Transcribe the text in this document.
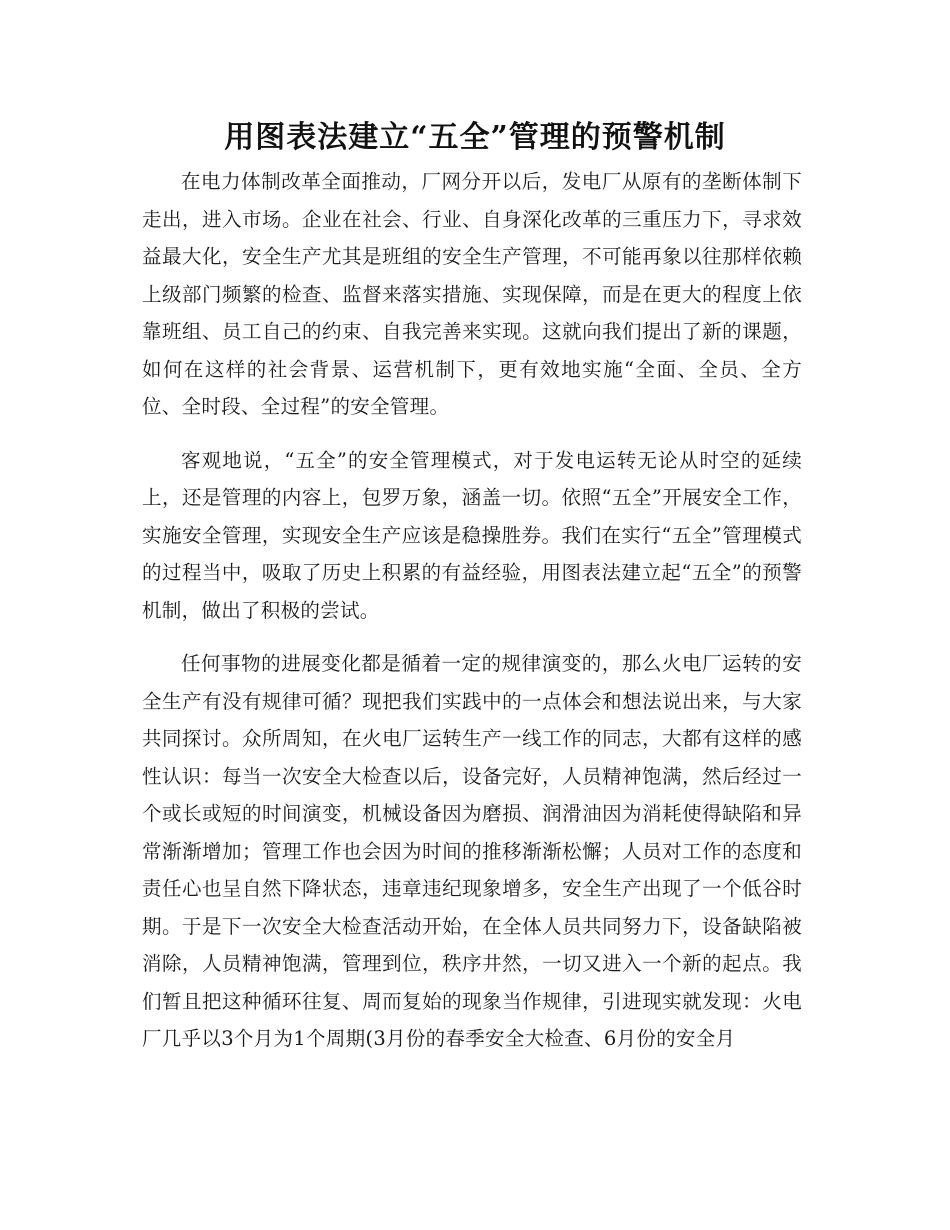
用图表法建立“五全”管理的预警机制

在电力体制改革全面推动，厂网分开以后，发电厂从原有的垄断体制下走出，进入市场。企业在社会、行业、自身深化改革的三重压力下，寻求效益最大化，安全生产尤其是班组的安全生产管理，不可能再象以往那样依赖上级部门频繁的检查、监督来落实措施、实现保障，而是在更大的程度上依靠班组、员工自己的约束、自我完善来实现。这就向我们提出了新的课题，如何在这样的社会背景、运营机制下，更有效地实施“全面、全员、全方位、全时段、全过程”的安全管理。

客观地说，“五全”的安全管理模式，对于发电运转无论从时空的延续上，还是管理的内容上，包罗万象，涵盖一切。依照“五全”开展安全工作，实施安全管理，实现安全生产应该是稳操胜券。我们在实行“五全”管理模式的过程当中，吸取了历史上积累的有益经验，用图表法建立起“五全”的预警机制，做出了积极的尝试。

任何事物的进展变化都是循着一定的规律演变的，那么火电厂运转的安全生产有没有规律可循？现把我们实践中的一点体会和想法说出来，与大家共同探讨。众所周知，在火电厂运转生产一线工作的同志，大都有这样的感性认识：每当一次安全大检查以后，设备完好，人员精神饱满，然后经过一个或长或短的时间演变，机械设备因为磨损、润滑油因为消耗使得缺陷和异常渐渐增加；管理工作也会因为时间的推移渐渐松懈；人员对工作的态度和责任心也呈自然下降状态，违章违纪现象增多，安全生产出现了一个低谷时期。于是下一次安全大检查活动开始，在全体人员共同努力下，设备缺陷被消除，人员精神饱满，管理到位，秩序井然，一切又进入一个新的起点。我们暂且把这种循环往复、周而复始的现象当作规律，引进现实就发现：火电厂几乎以3个月为1个周期(3月份的春季安全大检查、6月份的安全月
